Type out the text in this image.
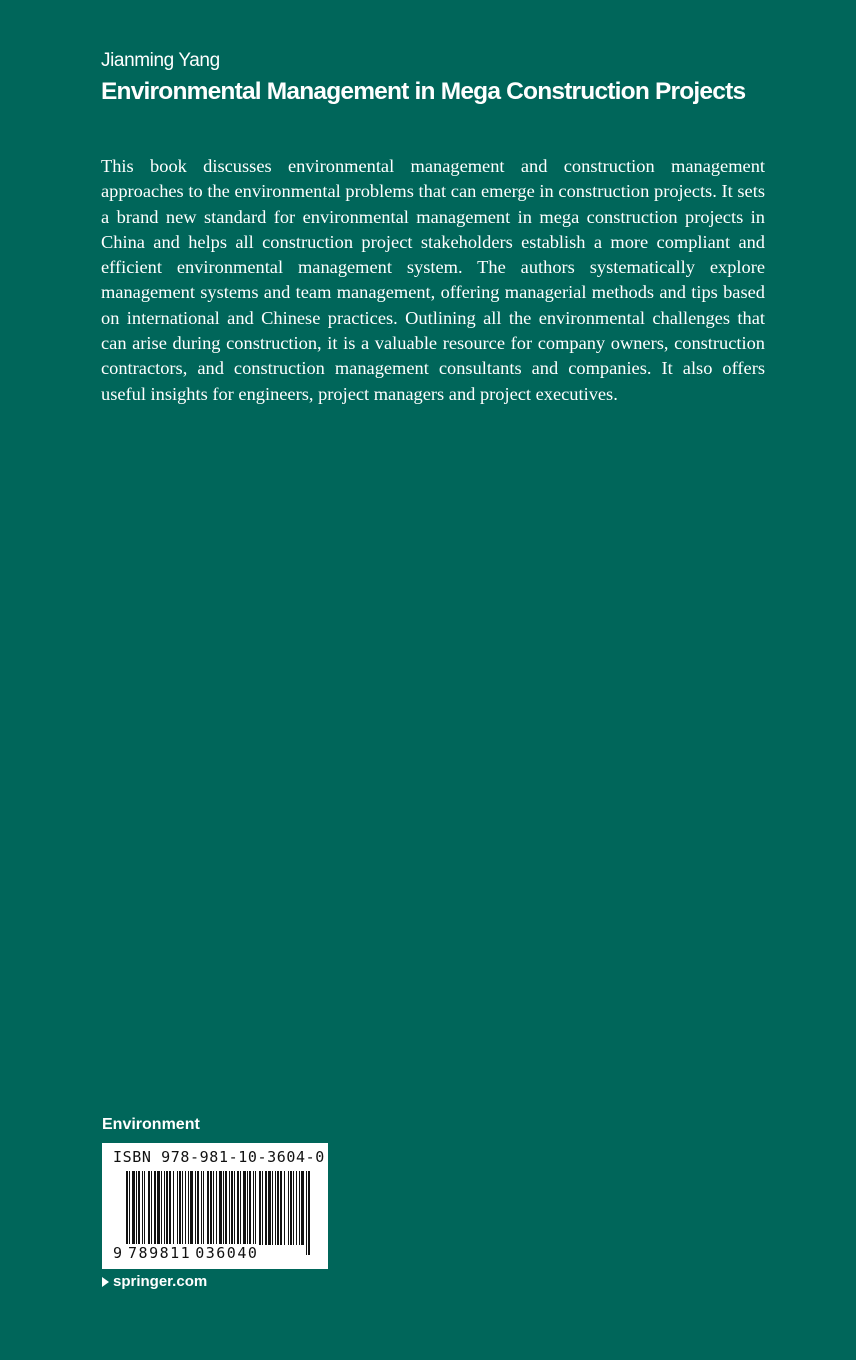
Jianming Yang
Environmental Management in Mega Construction Projects

This book discusses environmental management and construction management approaches to the environmental problems that can emerge in construction projects. It sets a brand new standard for environmental management in mega construction projects in China and helps all construction project stakeholders establish a more compliant and efficient environmental management system. The authors systematically explore management systems and team management, offering managerial methods and tips based on international and Chinese practices. Outlining all the environmental challenges that can arise during construction, it is a valuable resource for company owners, construction contractors, and construction management consultants and companies. It also offers useful insights for engineers, project managers and project executives.

Environment
ISBN 978-981-10-3604-0
9 789811 036040
springer.com
